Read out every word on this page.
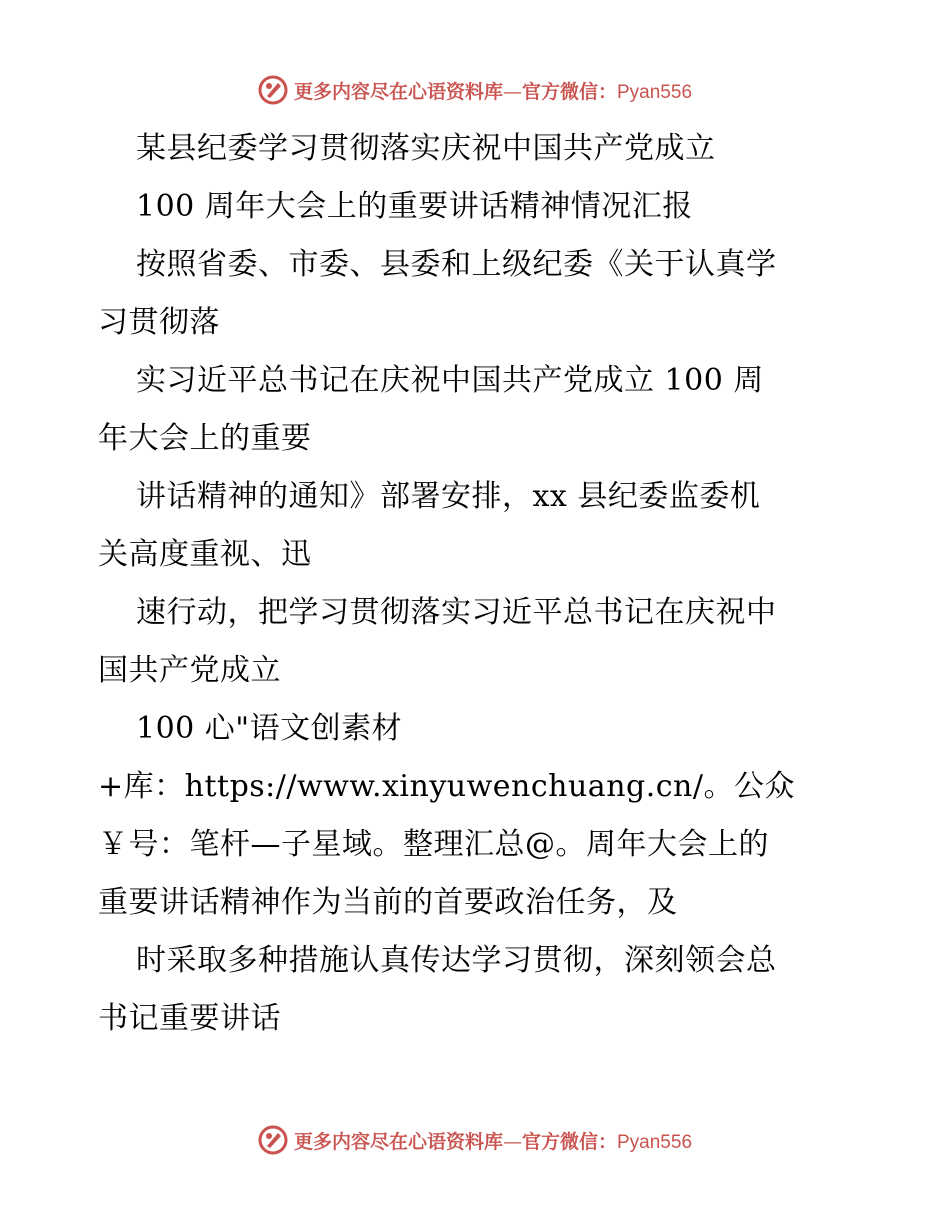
更多内容尽在心语资料库—官方微信：Pyan556
某县纪委学习贯彻落实庆祝中国共产党成立
100 周年大会上的重要讲话精神情况汇报
按照省委、市委、县委和上级纪委《关于认真学
习贯彻落
实习近平总书记在庆祝中国共产党成立 100 周
年大会上的重要
讲话精神的通知》部署安排，xx 县纪委监委机
关高度重视、迅
速行动，把学习贯彻落实习近平总书记在庆祝中
国共产党成立
100 心"语文创素材
+库：https://www.xinyuwenchuang.cn/。公众
￥号：笔杆—子星域。整理汇总@。周年大会上的
重要讲话精神作为当前的首要政治任务，及
时采取多种措施认真传达学习贯彻，深刻领会总
书记重要讲话
更多内容尽在心语资料库—官方微信：Pyan556
